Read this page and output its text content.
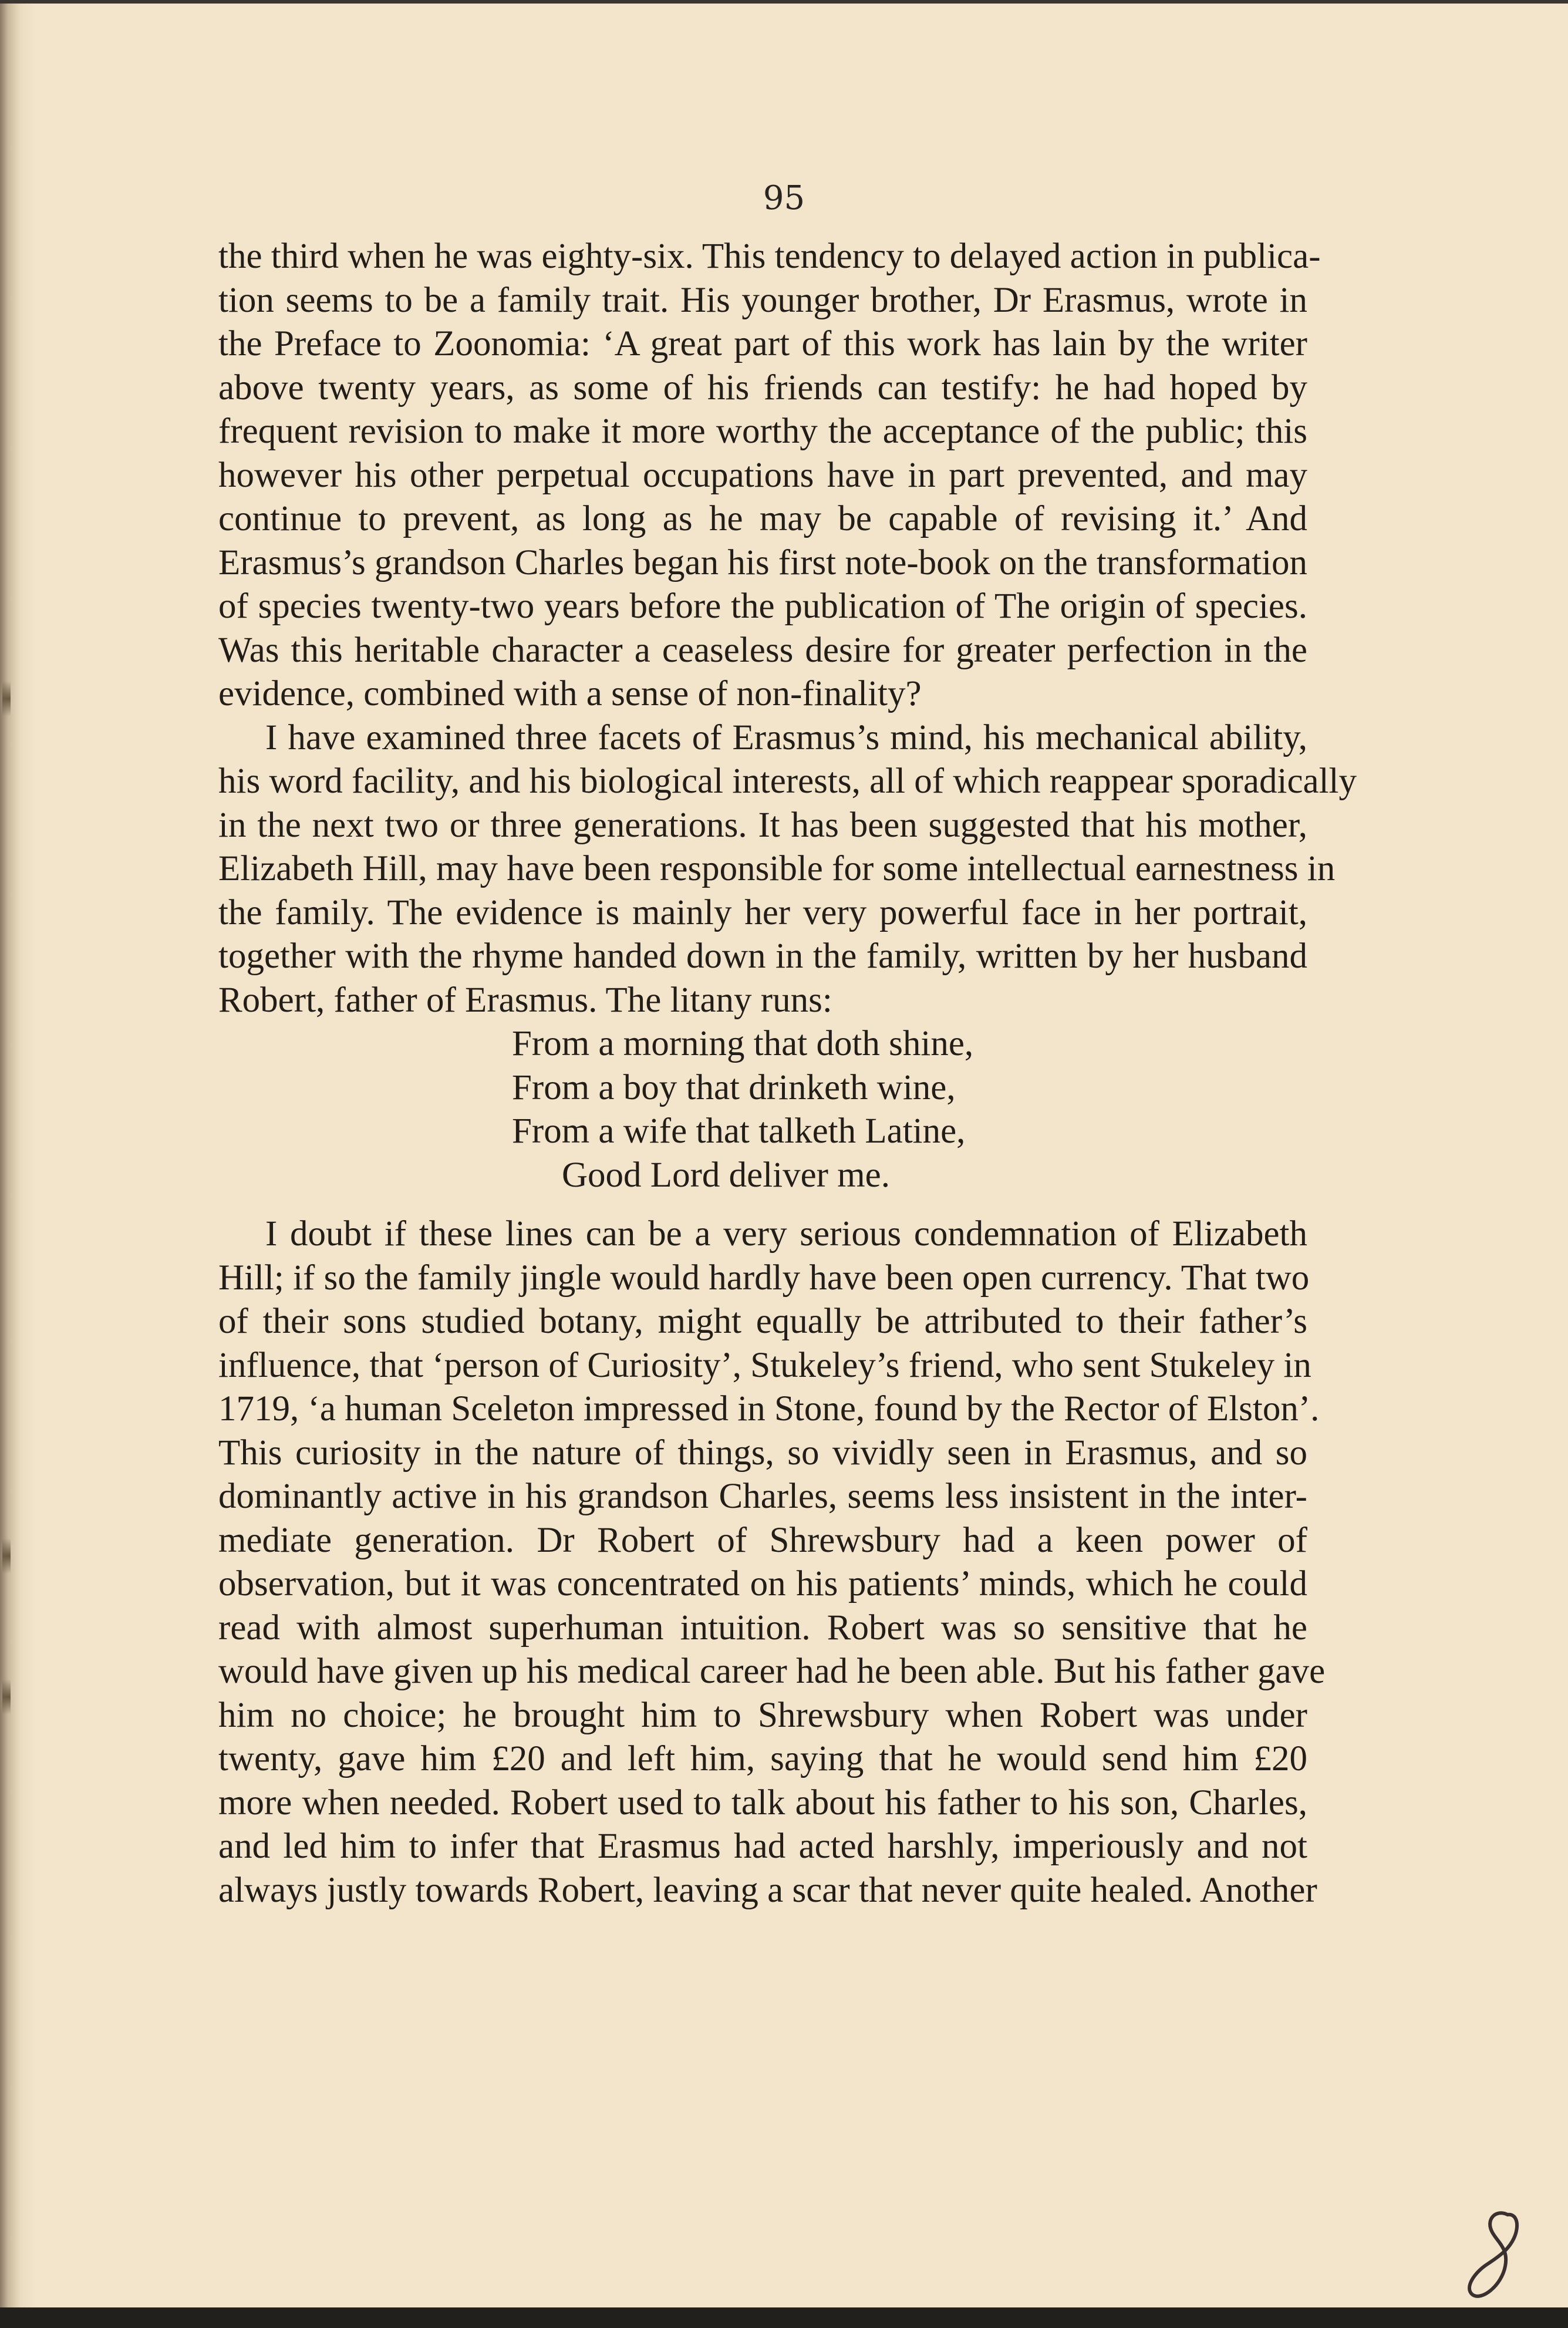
95
the third when he was eighty-six. This tendency to delayed action in publica-
tion seems to be a family trait. His younger brother, Dr Erasmus, wrote in
the Preface to Zoonomia: ‘A great part of this work has lain by the writer
above twenty years, as some of his friends can testify: he had hoped by
frequent revision to make it more worthy the acceptance of the public; this
however his other perpetual occupations have in part prevented, and may
continue to prevent, as long as he may be capable of revising it.’ And
Erasmus’s grandson Charles began his first note-book on the transformation
of species twenty-two years before the publication of The origin of species.
Was this heritable character a ceaseless desire for greater perfection in the
evidence, combined with a sense of non-finality?
I have examined three facets of Erasmus’s mind, his mechanical ability,
his word facility, and his biological interests, all of which reappear sporadically
in the next two or three generations. It has been suggested that his mother,
Elizabeth Hill, may have been responsible for some intellectual earnestness in
the family. The evidence is mainly her very powerful face in her portrait,
together with the rhyme handed down in the family, written by her husband
Robert, father of Erasmus. The litany runs:
From a morning that doth shine,
From a boy that drinketh wine,
From a wife that talketh Latine,
Good Lord deliver me.
I doubt if these lines can be a very serious condemnation of Elizabeth
Hill; if so the family jingle would hardly have been open currency. That two
of their sons studied botany, might equally be attributed to their father’s
influence, that ‘person of Curiosity’, Stukeley’s friend, who sent Stukeley in
1719, ‘a human Sceleton impressed in Stone, found by the Rector of Elston’.
This curiosity in the nature of things, so vividly seen in Erasmus, and so
dominantly active in his grandson Charles, seems less insistent in the inter-
mediate generation. Dr Robert of Shrewsbury had a keen power of
observation, but it was concentrated on his patients’ minds, which he could
read with almost superhuman intuition. Robert was so sensitive that he
would have given up his medical career had he been able. But his father gave
him no choice; he brought him to Shrewsbury when Robert was under
twenty, gave him £20 and left him, saying that he would send him £20
more when needed. Robert used to talk about his father to his son, Charles,
and led him to infer that Erasmus had acted harshly, imperiously and not
always justly towards Robert, leaving a scar that never quite healed. Another
